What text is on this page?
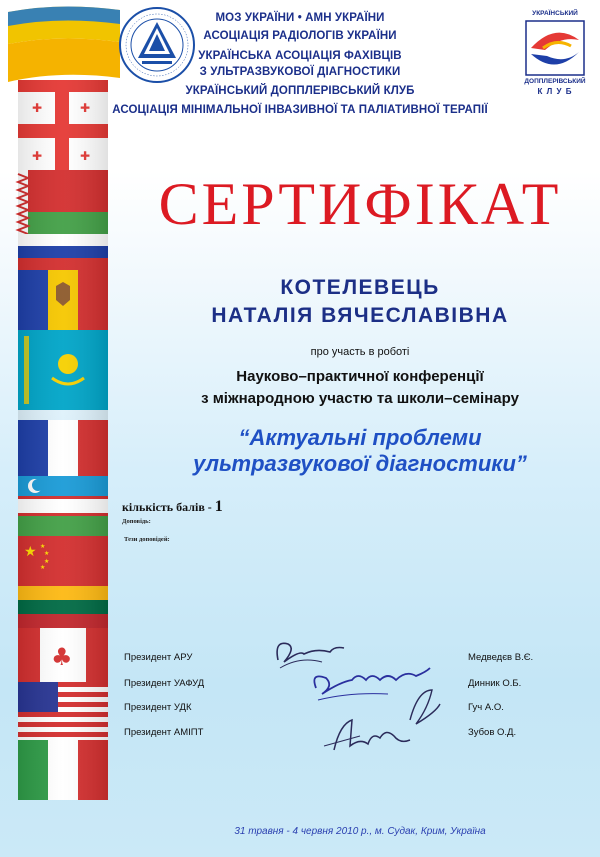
УКРАЇНСЬКИЙ
ДОППЛЕРІВСЬКИЙ
К Л У Б
МОЗ УКРАЇНИ • АМН УКРАЇНИ
АСОЦІАЦІЯ РАДІОЛОГІВ УКРАЇНИ
УКРАЇНСЬКА АСОЦІАЦІЯ ФАХІВЦІВ
З УЛЬТРАЗВУКОВОЇ ДІАГНОСТИКИ
УКРАЇНСЬКИЙ ДОППЛЕРІВСЬКИЙ КЛУБ
АСОЦІАЦІЯ МІНІМАЛЬНОЇ ІНВАЗИВНОЇ ТА ПАЛІАТИВНОЇ ТЕРАПІЇ
СЕРТИФІКАТ
КОТЕЛЕВЕЦЬ
НАТАЛІЯ ВЯЧЕСЛАВІВНА
про участь в роботі
Науково–практичної конференції
з міжнародною участю та школи–семінару
“Актуальні проблеми
ультразвукової діагностики”
кількість балів - 1
Доповідь:
Тези доповідей:
Президент АРУ
Президент УАФУД
Президент УДК
Президент АМІПТ
Медведєв В.Є.
Динник О.Б.
Гуч А.О.
Зубов О.Д.
31 травня - 4 червня 2010 р., м. Судак, Крим, Україна
